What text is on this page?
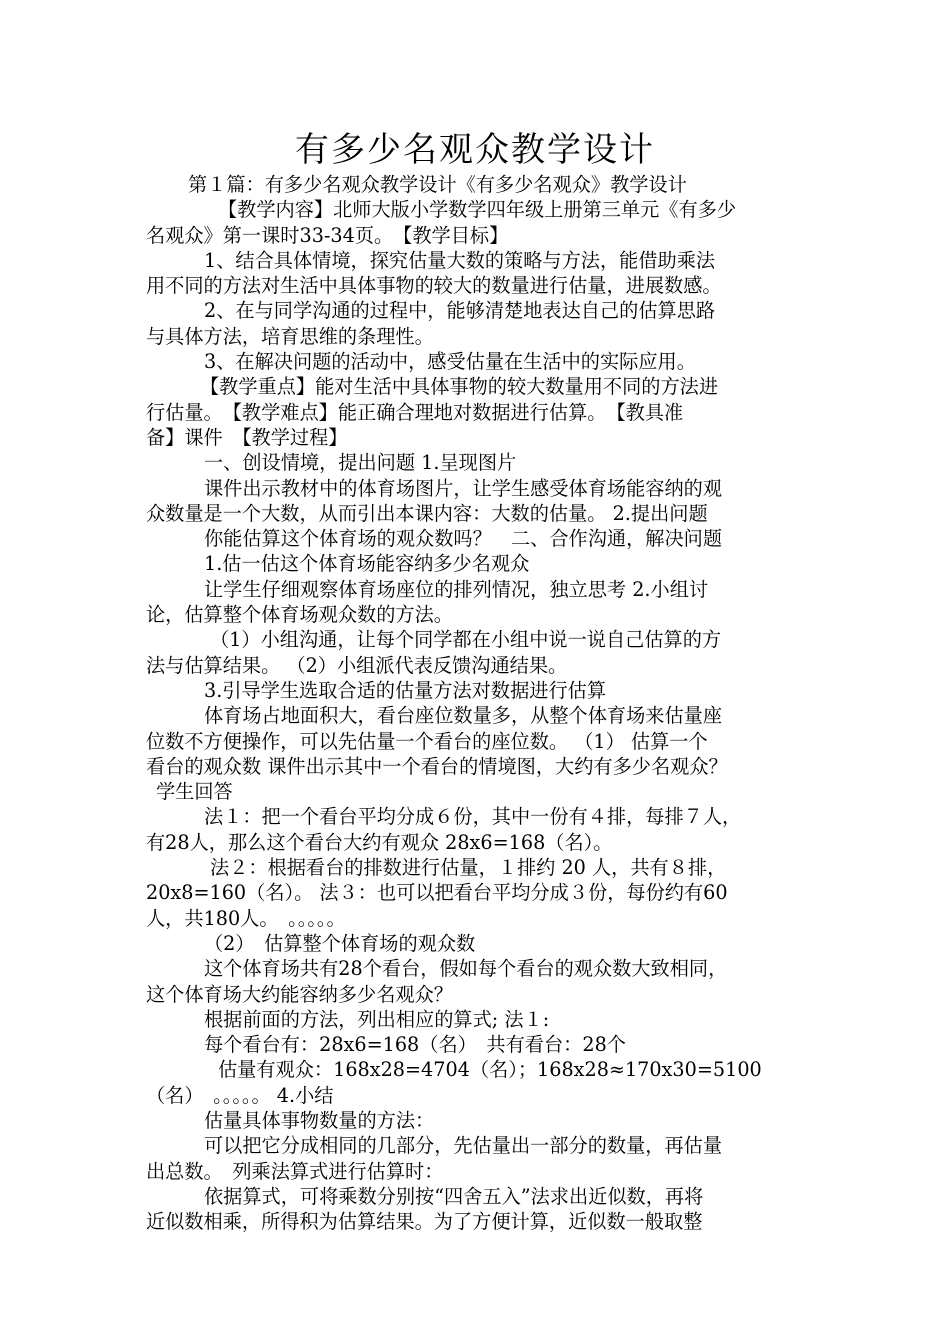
有多少名观众教学设计
第１篇：有多少名观众教学设计《有多少名观众》教学设计
【教学内容】北师大版小学数学四年级上册第三单元《有多少
名观众》第一课时33-34页。　【教学目标】
1、结合具体情境，探究估量大数的策略与方法，能借助乘法
用不同的方法对生活中具体事物的较大的数量进行估量，进展数感。
2、在与同学沟通的过程中，能够清楚地表达自己的估算思路
与具体方法，培育思维的条理性。
3、在解决问题的活动中，感受估量在生活中的实际应用。
【教学重点】能对生活中具体事物的较大数量用不同的方法进
行估量。　【教学难点】能正确合理地对数据进行估算。　【教具准
备】课件　【教学过程】
一、创设情境，提出问题 1.呈现图片
课件出示教材中的体育场图片，让学生感受体育场能容纳的观
众数量是一个大数，从而引出本课内容：大数的估量。 2.提出问题
你能估算这个体育场的观众数吗？　二、合作沟通，解决问题
1.估一估这个体育场能容纳多少名观众
让学生仔细观察体育场座位的排列情况，独立思考 2.小组讨
论，估算整个体育场观众数的方法。
（1）小组沟通，让每个同学都在小组中说一说自己估算的方
法与估算结果。 （2）小组派代表反馈沟通结果。
3.引导学生选取合适的估量方法对数据进行估算
体育场占地面积大，看台座位数量多，从整个体育场来估量座
位数不方便操作，可以先估量一个看台的座位数。 （1） 估算一个
看台的观众数 课件出示其中一个看台的情境图，大约有多少名观众？
学生回答
法１：把一个看台平均分成６份，其中一份有４排，每排７人，
有28人，那么这个看台大约有观众 28x6=168（名）。
法２：根据看台的排数进行估量，１排约 20 人，共有８排，
20x8=160（名）。 法３：也可以把看台平均分成３份，每份约有60
人，共180人。　。。。。。
（2）　估算整个体育场的观众数
这个体育场共有28个看台，假如每个看台的观众数大致相同，
这个体育场大约能容纳多少名观众？
根据前面的方法，列出相应的算式; 法１:
每个看台有：28x6=168（名）　共有看台：28个
估量有观众：168x28=4704（名）；168x28≈170x30=5100
（名）　。。。。。 4.小结
估量具体事物数量的方法：
可以把它分成相同的几部分，先估量出一部分的数量，再估量
出总数。　列乘法算式进行估算时：
依据算式，可将乘数分别按“四舍五入”法求出近似数，再将
近似数相乘，所得积为估算结果。为了方便计算，近似数一般取整
